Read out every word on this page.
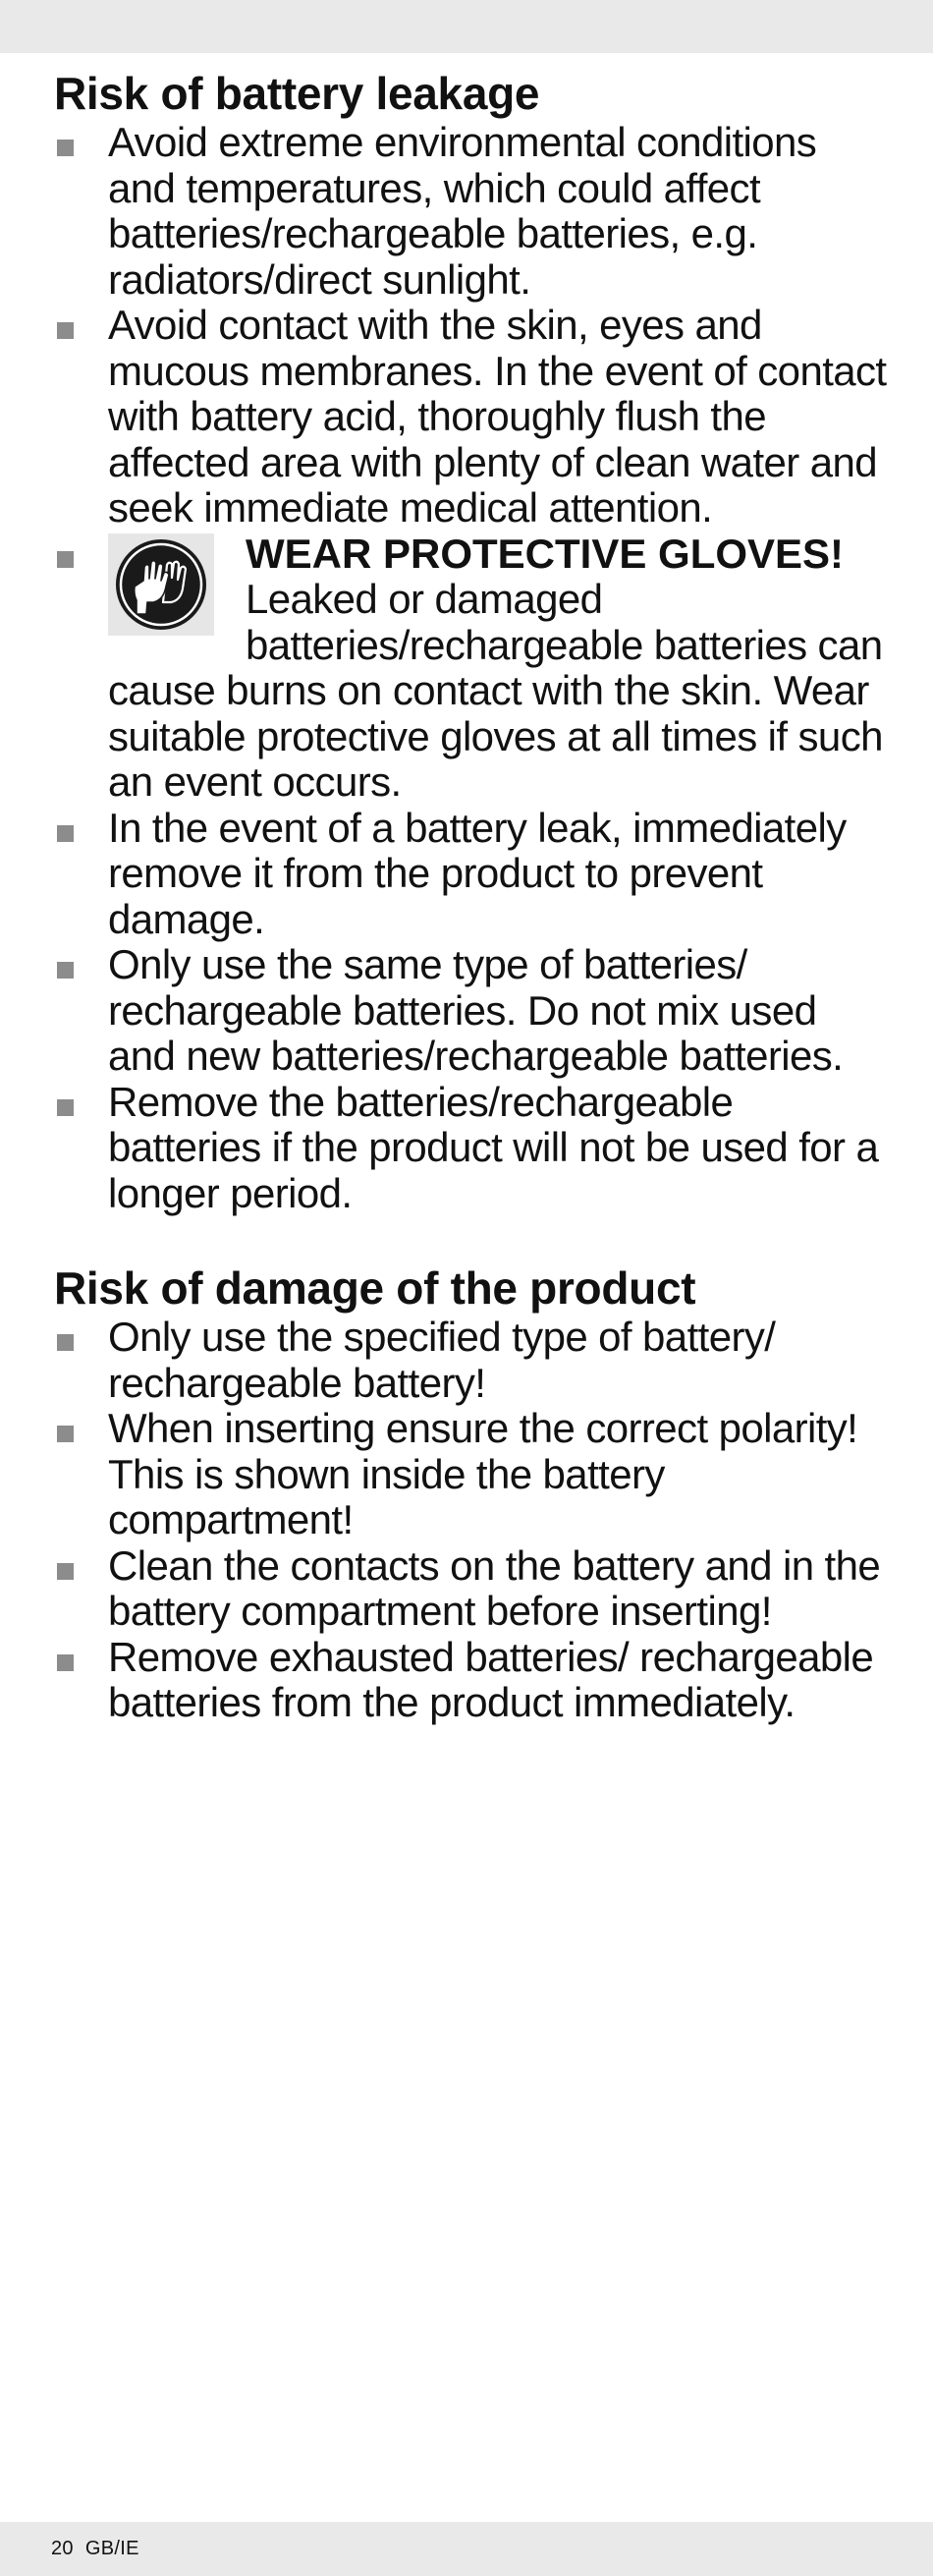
Risk of battery leakage
Avoid extreme environmental conditions and temperatures, which could affect batteries/rechargeable batteries, e.g. radiators/direct sunlight.
Avoid contact with the skin, eyes and mucous membranes. In the event of contact with battery acid, thoroughly flush the affected area with plenty of clean water and seek immediate medical attention.
WEAR PROTECTIVE GLOVES! Leaked or damaged batteries/rechargeable batteries can cause burns on contact with the skin. Wear suitable protective gloves at all times if such an event occurs.
In the event of a battery leak, immediately remove it from the product to prevent damage.
Only use the same type of batteries/ rechargeable batteries. Do not mix used and new batteries/rechargeable batteries.
Remove the batteries/rechargeable batteries if the product will not be used for a longer period.
Risk of damage of the product
Only use the specified type of battery/ rechargeable battery!
When inserting ensure the correct polarity! This is shown inside the battery compartment!
Clean the contacts on the battery and in the battery compartment before inserting!
Remove exhausted batteries/ rechargeable batteries from the product immediately.
20 GB/IE
